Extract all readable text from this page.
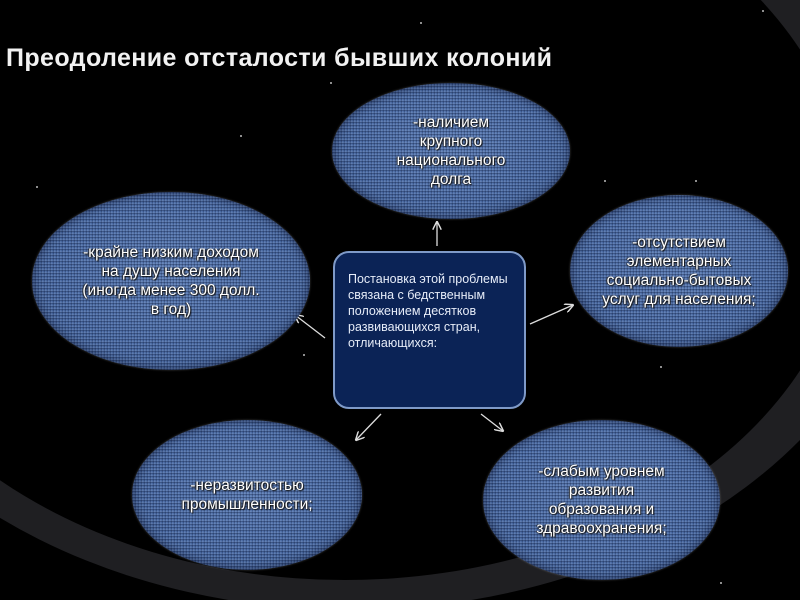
Преодоление отсталости бывших колоний
-наличием крупного национального долга
-крайне низким доходом на душу населения (иногда менее 300 долл. в год)
-отсутствием элементарных социально-бытовых услуг для населения;
-неразвитостью промышленности;
-слабым уровнем развития образования и здравоохранения;
Постановка этой проблемы связана с бедственным положением десятков развивающихся стран, отличающихся:
